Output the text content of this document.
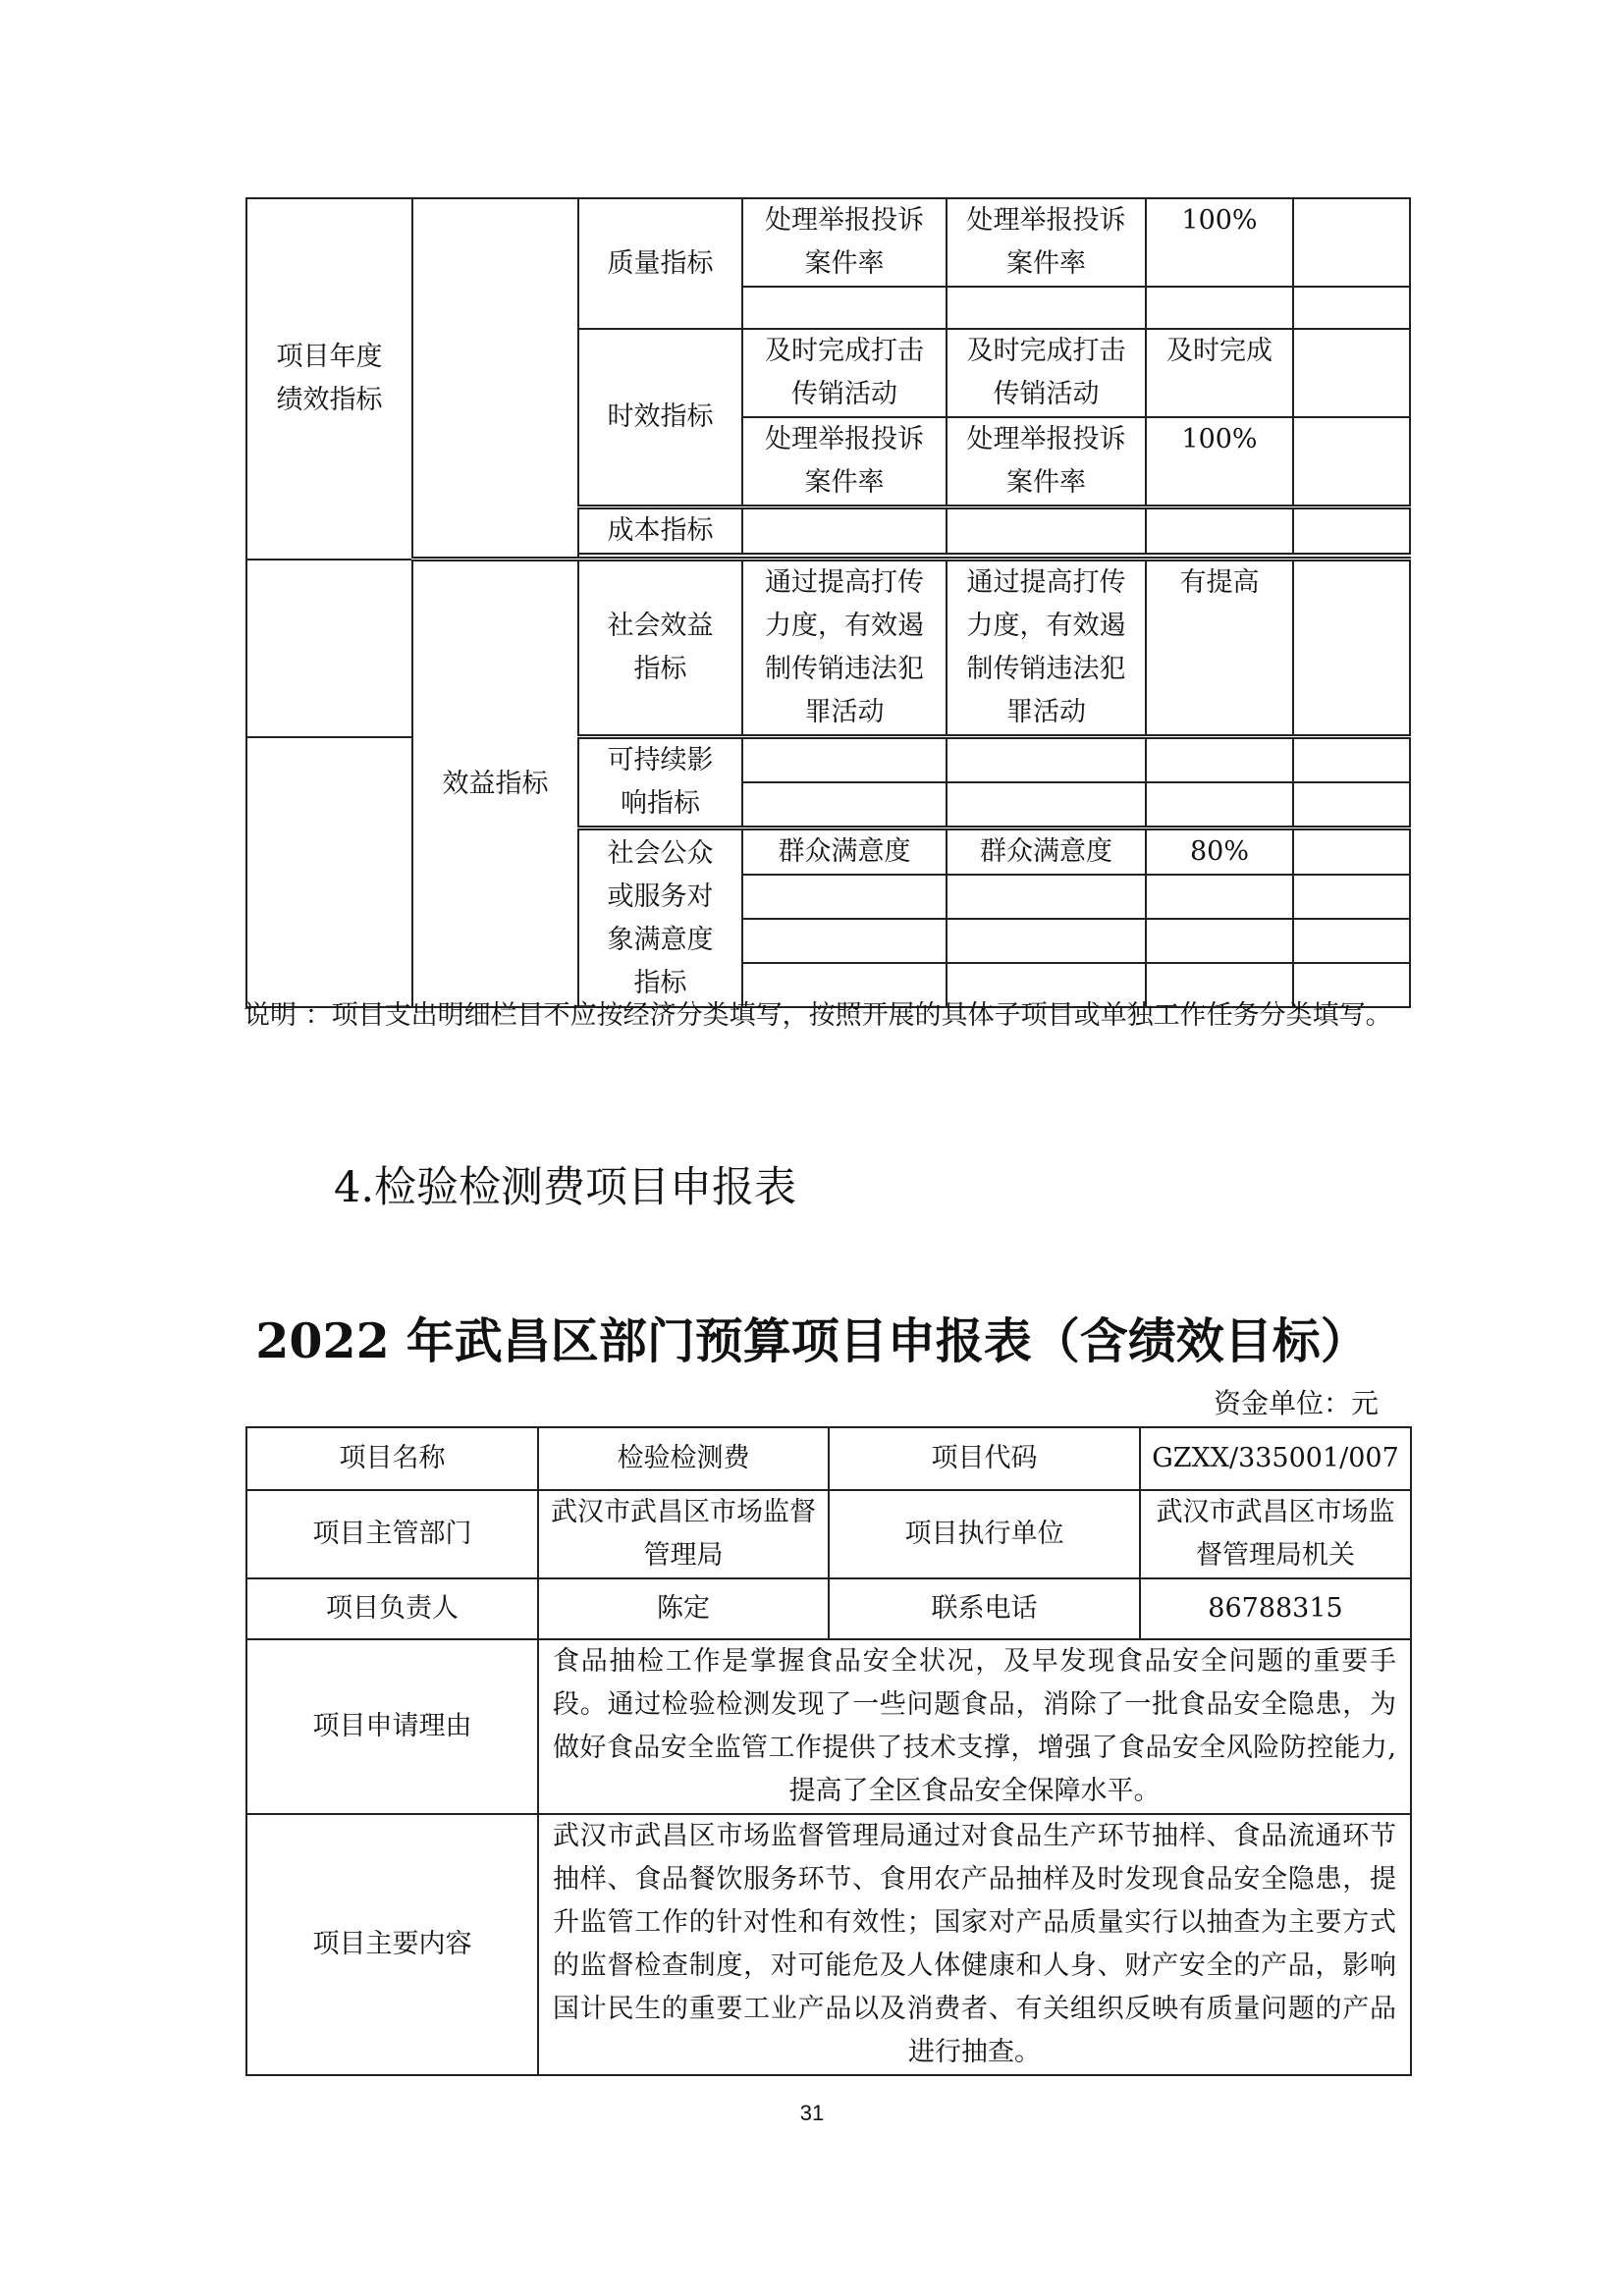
项目年度绩效指标		质量指标	处理举报投诉案件率	处理举报投诉案件率	100%	

		时效指标	及时完成打击传销活动	及时完成打击传销活动	及时完成	
			处理举报投诉案件率	处理举报投诉案件率	100%	
		成本指标				

	效益指标	社会效益指标	通过提高打传力度，有效遏制传销违法犯罪活动	通过提高打传力度，有效遏制传销违法犯罪活动	有提高	
		可持续影响指标				

		社会公众或服务对象满意度指标	群众满意度	群众满意度	80%	

说明 ：项目支出明细栏目不应按经济分类填写，按照开展的具体子项目或单独工作任务分类填写。
4.检验检测费项目申报表
2022 年武昌区部门预算项目申报表（含绩效目标）
资金单位：元
项目名称	检验检测费	项目代码	GZXX/335001/007
项目主管部门	武汉市武昌区市场监督管理局	项目执行单位	武汉市武昌区市场监督管理局机关
项目负责人	陈定	联系电话	86788315
项目申请理由	食品抽检工作是掌握食品安全状况，及早发现食品安全问题的重要手段。通过检验检测发现了一些问题食品，消除了一批食品安全隐患，为做好食品安全监管工作提供了技术支撑，增强了食品安全风险防控能力,提高了全区食品安全保障水平。		
项目主要内容	武汉市武昌区市场监督管理局通过对食品生产环节抽样、食品流通环节抽样、食品餐饮服务环节、食用农产品抽样及时发现食品安全隐患，提升监管工作的针对性和有效性；国家对产品质量实行以抽查为主要方式的监督检查制度，对可能危及人体健康和人身、财产安全的产品，影响国计民生的重要工业产品以及消费者、有关组织反映有质量问题的产品进行抽查。		
31
